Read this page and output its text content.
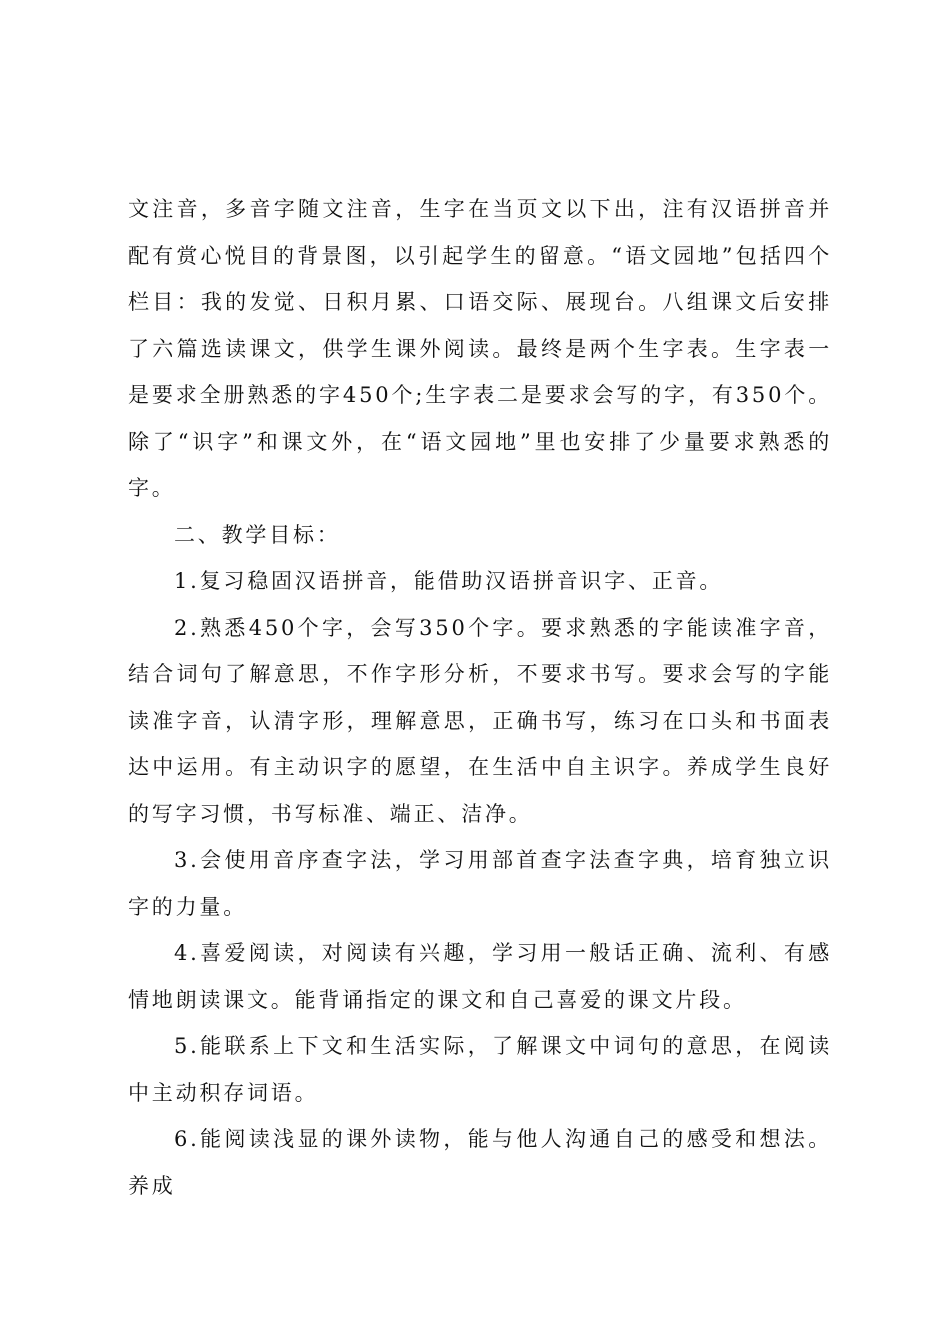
文注音，多音字随文注音，生字在当页文以下出，注有汉语拼音并配有赏心悦目的背景图，以引起学生的留意。“语文园地”包括四个栏目：我的发觉、日积月累、口语交际、展现台。八组课文后安排了六篇选读课文，供学生课外阅读。最终是两个生字表。生字表一是要求全册熟悉的字450个;生字表二是要求会写的字，有350个。除了“识字”和课文外，在“语文园地”里也安排了少量要求熟悉的字。

二、教学目标：

1.复习稳固汉语拼音，能借助汉语拼音识字、正音。

2.熟悉450个字，会写350个字。要求熟悉的字能读准字音，结合词句了解意思，不作字形分析，不要求书写。要求会写的字能读准字音，认清字形，理解意思，正确书写，练习在口头和书面表达中运用。有主动识字的愿望，在生活中自主识字。养成学生良好的写字习惯，书写标准、端正、洁净。

3.会使用音序查字法，学习用部首查字法查字典，培育独立识字的力量。

4.喜爱阅读，对阅读有兴趣，学习用一般话正确、流利、有感情地朗读课文。能背诵指定的课文和自己喜爱的课文片段。

5.能联系上下文和生活实际，了解课文中词句的意思，在阅读中主动积存词语。

6.能阅读浅显的课外读物，能与他人沟通自己的感受和想法。养成
